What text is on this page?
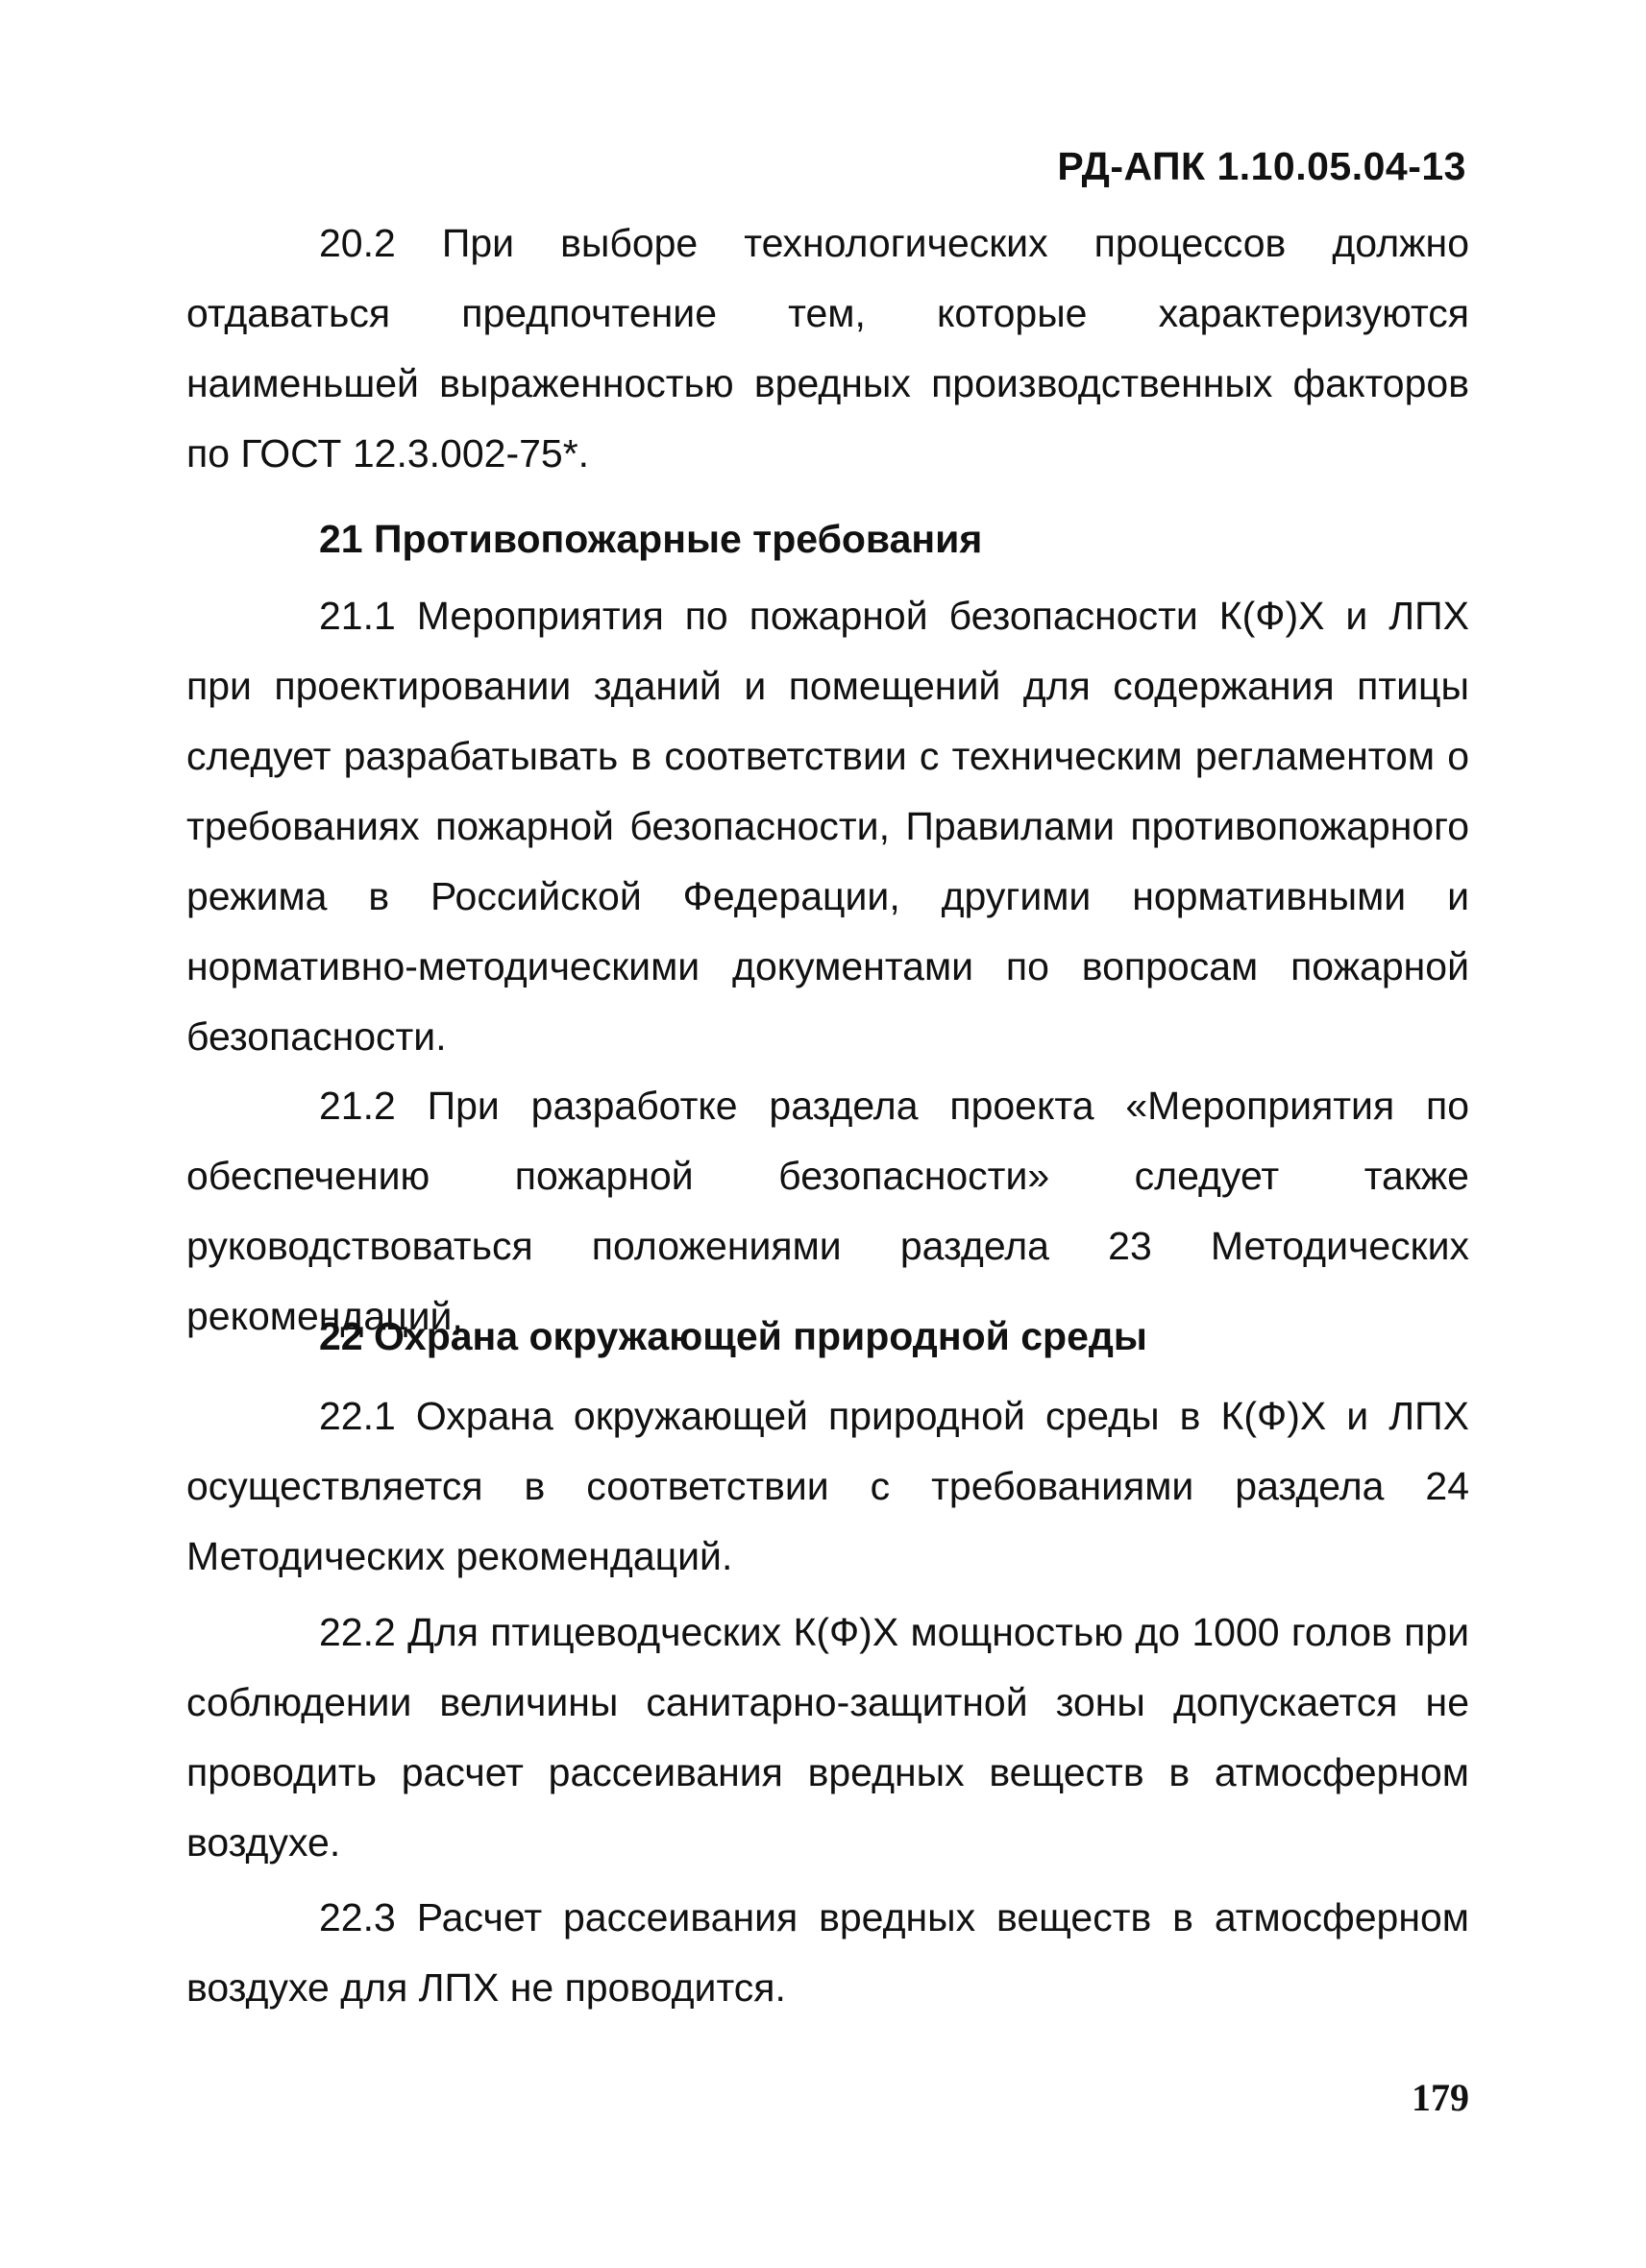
РД-АПК 1.10.05.04-13

20.2 При выборе технологических процессов должно отдаваться предпочтение тем, которые характеризуются наименьшей выраженностью вредных производственных факторов по ГОСТ 12.3.002-75*.

21 Противопожарные требования

21.1 Мероприятия по пожарной безопасности К(Ф)Х и ЛПХ при проектировании зданий и помещений для содержания птицы следует разрабатывать в соответствии с техническим регламентом о требованиях пожарной безопасности, Правилами противопожарного режима в Российской Федерации, другими нормативными и нормативно-методическими документами по вопросам пожарной безопасности.

21.2 При разработке раздела проекта «Мероприятия по обеспечению пожарной безопасности» следует также руководствоваться положениями раздела 23 Методических рекомендаций.

22 Охрана окружающей природной среды

22.1 Охрана окружающей природной среды в К(Ф)Х и ЛПХ осуществляется в соответствии с требованиями раздела 24 Методических рекомендаций.

22.2 Для птицеводческих К(Ф)Х мощностью до 1000 голов при соблюдении величины санитарно-защитной зоны допускается не проводить расчет рассеивания вредных веществ в атмосферном воздухе.

22.3 Расчет рассеивания вредных веществ в атмосферном воздухе для ЛПХ не проводится.

179
